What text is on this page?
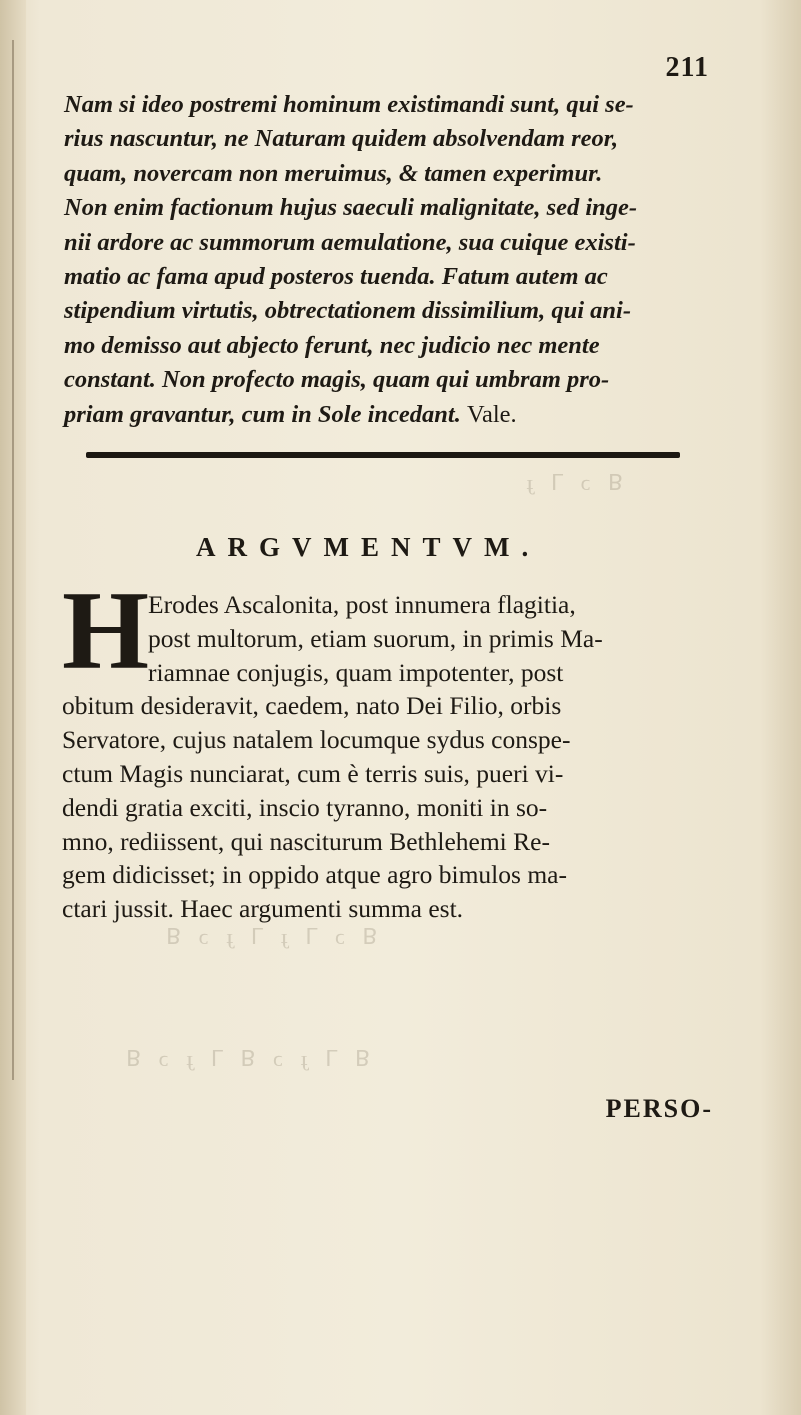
ꓭ ɔ ꓶ ɟ
ꓭ ɔ ꓶ ɟ ꓶ ɟ ɔ ꓭ
ꓭ ꓶ ɟ ɔ ꓭ ꓶ ɟ ɔ ꓭ
211
Nam si ideo postremi hominum existimandi sunt, qui se-
rius nascuntur, ne Naturam quidem absolvendam reor,
quam, novercam non meruimus, & tamen experimur.
Non enim factionum hujus saeculi malignitate, sed inge-
nii ardore ac summorum aemulatione, sua cuique existi-
matio ac fama apud posteros tuenda. Fatum autem ac
stipendium virtutis, obtrectationem dissimilium, qui ani-
mo demisso aut abjecto ferunt, nec judicio nec mente
constant. Non profecto magis, quam qui umbram pro-
priam gravantur, cum in Sole incedant. Vale.
ARGVMENTVM.
H
Erodes Ascalonita, post innumera flagitia,
post multorum, etiam suorum, in primis Ma-
riamnae conjugis, quam impotenter, post
obitum desideravit, caedem, nato Dei Filio, orbis
Servatore, cujus natalem locumque sydus conspe-
ctum Magis nunciarat, cum è terris suis, pueri vi-
dendi gratia exciti, inscio tyranno, moniti in so-
mno, rediissent, qui nasciturum Bethlehemi Re-
gem didicisset; in oppido atque agro bimulos ma-
ctari jussit. Haec argumenti summa est.
PERSO-
